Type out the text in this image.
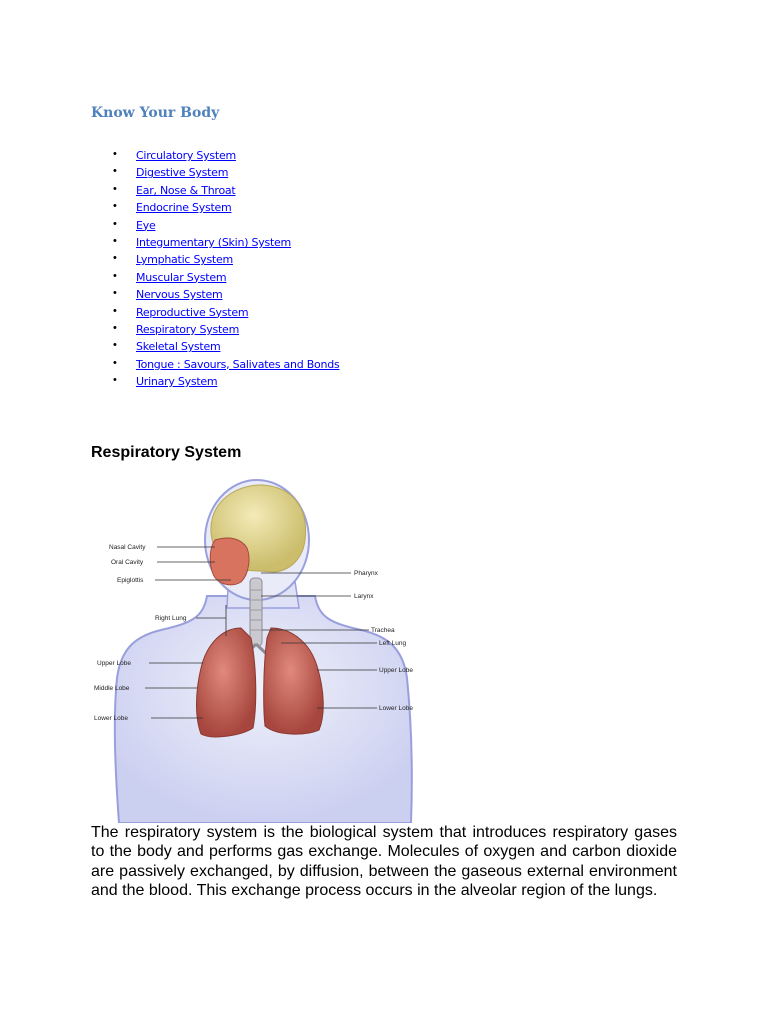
Know Your Body
• Circulatory System
• Digestive System
• Ear, Nose & Throat
• Endocrine System
• Eye
• Integumentary (Skin) System
• Lymphatic System
• Muscular System
• Nervous System
• Reproductive System
• Respiratory System
• Skeletal System
• Tongue : Savours, Salivates and Bonds
• Urinary System
Respiratory System
Nasal Cavity
Oral Cavity
Epiglottis
Pharynx
Larynx
Right Lung
Trachea
Left Lung
Upper Lobe
Middle Lobe
Lower Lobe
Upper Lobe
Lower Lobe

The respiratory system is the biological system that introduces respiratory gases to the body and performs gas exchange. Molecules of oxygen and carbon dioxide are passively exchanged, by diffusion, between the gaseous external environment and the blood. This exchange process occurs in the alveolar region of the lungs.
